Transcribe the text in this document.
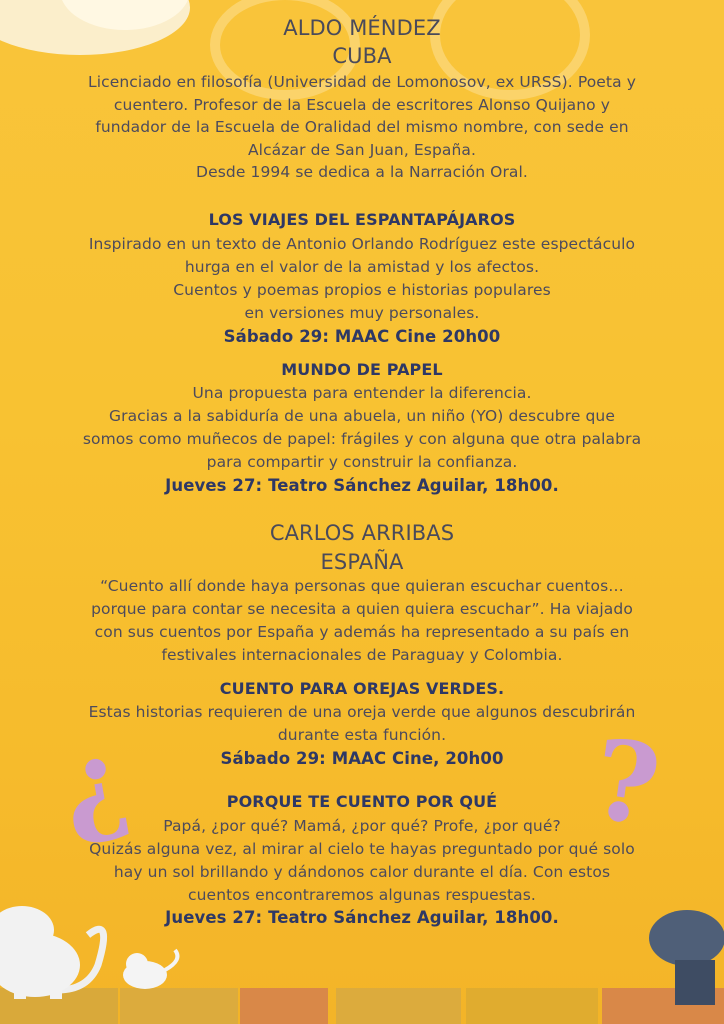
¿	?
ALDO MÉNDEZ
CUBA
Licenciado en filosofía (Universidad de Lomonosov, ex URSS). Poeta y
cuentero. Profesor de la Escuela de escritores Alonso Quijano y
fundador de la Escuela de Oralidad del mismo nombre, con sede en
Alcázar de San Juan, España.
Desde 1994 se dedica a la Narración Oral.
LOS VIAJES DEL ESPANTAPÁJAROS
Inspirado en un texto de Antonio Orlando Rodríguez este espectáculo
hurga en el valor de la amistad y los afectos.
Cuentos y poemas propios e historias populares
en versiones muy personales.
Sábado 29: MAAC Cine 20h00
MUNDO DE PAPEL
Una propuesta para entender la diferencia.
Gracias a la sabiduría de una abuela, un niño (YO) descubre que
somos como muñecos de papel: frágiles y con alguna que otra palabra
para compartir y construir la confianza.
Jueves 27: Teatro Sánchez Aguilar, 18h00.
CARLOS ARRIBAS
ESPAÑA
“Cuento allí donde haya personas que quieran escuchar cuentos…
porque para contar se necesita a quien quiera escuchar”. Ha viajado
con sus cuentos por España y además ha representado a su país en
festivales internacionales de Paraguay y Colombia.
CUENTO PARA OREJAS VERDES.
Estas historias requieren de una oreja verde que algunos descubrirán
durante esta función.
Sábado 29: MAAC Cine, 20h00
PORQUE TE CUENTO POR QUÉ
Papá, ¿por qué? Mamá, ¿por qué? Profe, ¿por qué?
Quizás alguna vez, al mirar al cielo te hayas preguntado por qué solo
hay un sol brillando y dándonos calor durante el día. Con estos
cuentos encontraremos algunas respuestas.
Jueves 27: Teatro Sánchez Aguilar, 18h00.
